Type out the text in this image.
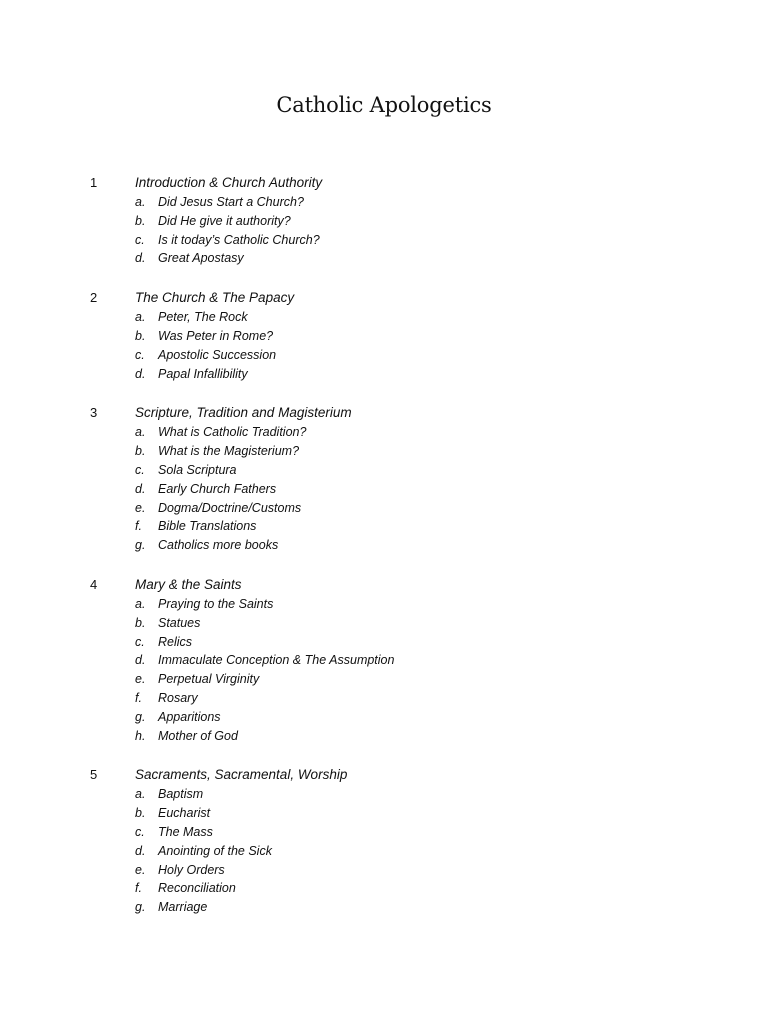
Catholic Apologetics
1	Introduction & Church Authority
a. Did Jesus Start a Church?
b. Did He give it authority?
c. Is it today’s Catholic Church?
d. Great Apostasy
2	The Church & The Papacy
a. Peter, The Rock
b. Was Peter in Rome?
c. Apostolic Succession
d. Papal Infallibility
3	Scripture, Tradition and Magisterium
a. What is Catholic Tradition?
b. What is the Magisterium?
c. Sola Scriptura
d. Early Church Fathers
e. Dogma/Doctrine/Customs
f. Bible Translations
g. Catholics more books
4	Mary & the Saints
a. Praying to the Saints
b. Statues
c. Relics
d. Immaculate Conception & The Assumption
e. Perpetual Virginity
f. Rosary
g. Apparitions
h. Mother of God
5	Sacraments, Sacramental, Worship
a. Baptism
b. Eucharist
c. The Mass
d. Anointing of the Sick
e. Holy Orders
f. Reconciliation
g. Marriage
